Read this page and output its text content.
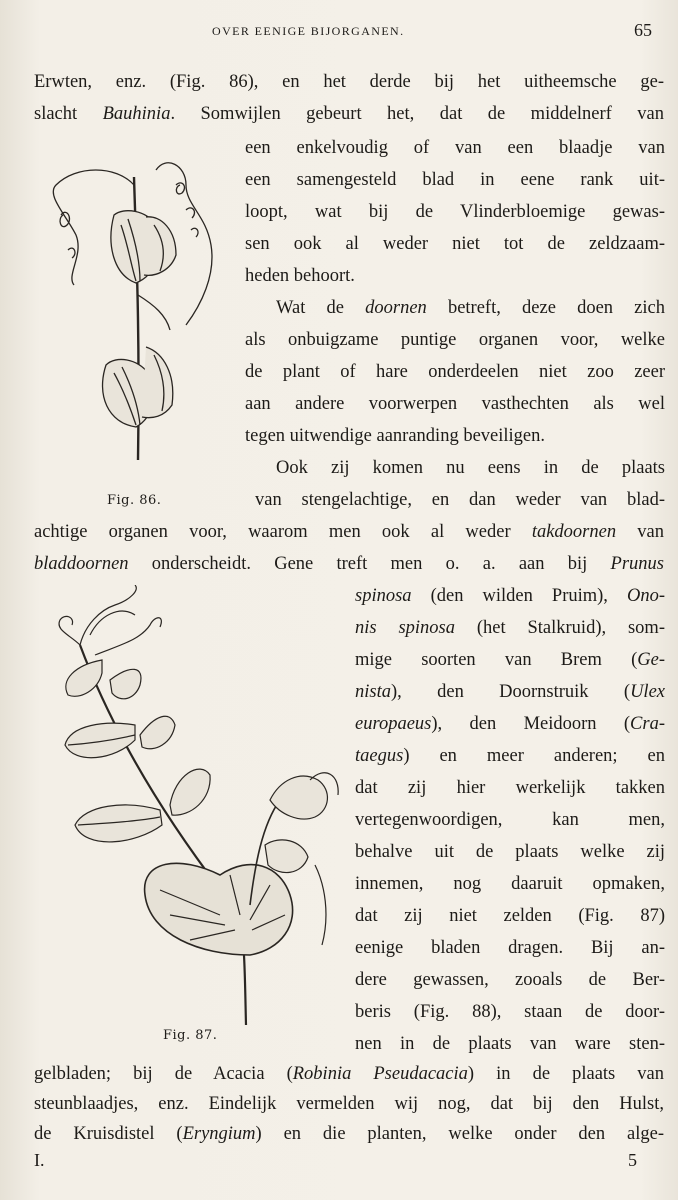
OVER EENIGE BIJORGANEN.	65
Fig. 86.
Fig. 87.
Erwten, enz. (Fig. 86), en het derde bij het uitheemsche ge-
slacht Bauhinia. Somwijlen gebeurt het, dat de middelnerf van
een enkelvoudig of van een blaadje van
een samengesteld blad in eene rank uit-
loopt, wat bij de Vlinderbloemige gewas-
sen ook al weder niet tot de zeldzaam-
heden behoort.
Wat de doornen betreft, deze doen zich
als onbuigzame puntige organen voor, welke
de plant of hare onderdeelen niet zoo zeer
aan andere voorwerpen vasthechten als wel
tegen uitwendige aanranding beveiligen.
Ook zij komen nu eens in de plaats
van stengelachtige, en dan weder van blad-
achtige organen voor, waarom men ook al weder takdoornen van
bladdoornen onderscheidt. Gene treft men o. a. aan bij Prunus
spinosa (den wilden Pruim), Ono-
nis spinosa (het Stalkruid), som-
mige soorten van Brem (Ge-
nista), den Doornstruik (Ulex
europaeus), den Meidoorn (Cra-
taegus) en meer anderen; en
dat zij hier werkelijk takken
vertegenwoordigen, kan men,
behalve uit de plaats welke zij
innemen, nog daaruit opmaken,
dat zij niet zelden (Fig. 87)
eenige bladen dragen. Bij an-
dere gewassen, zooals de Ber-
beris (Fig. 88), staan de door-
nen in de plaats van ware sten-
gelbladen; bij de Acacia (Robinia Pseudacacia) in de plaats van
steunblaadjes, enz. Eindelijk vermelden wij nog, dat bij den Hulst,
de Kruisdistel (Eryngium) en die planten, welke onder den alge-
I.	5
